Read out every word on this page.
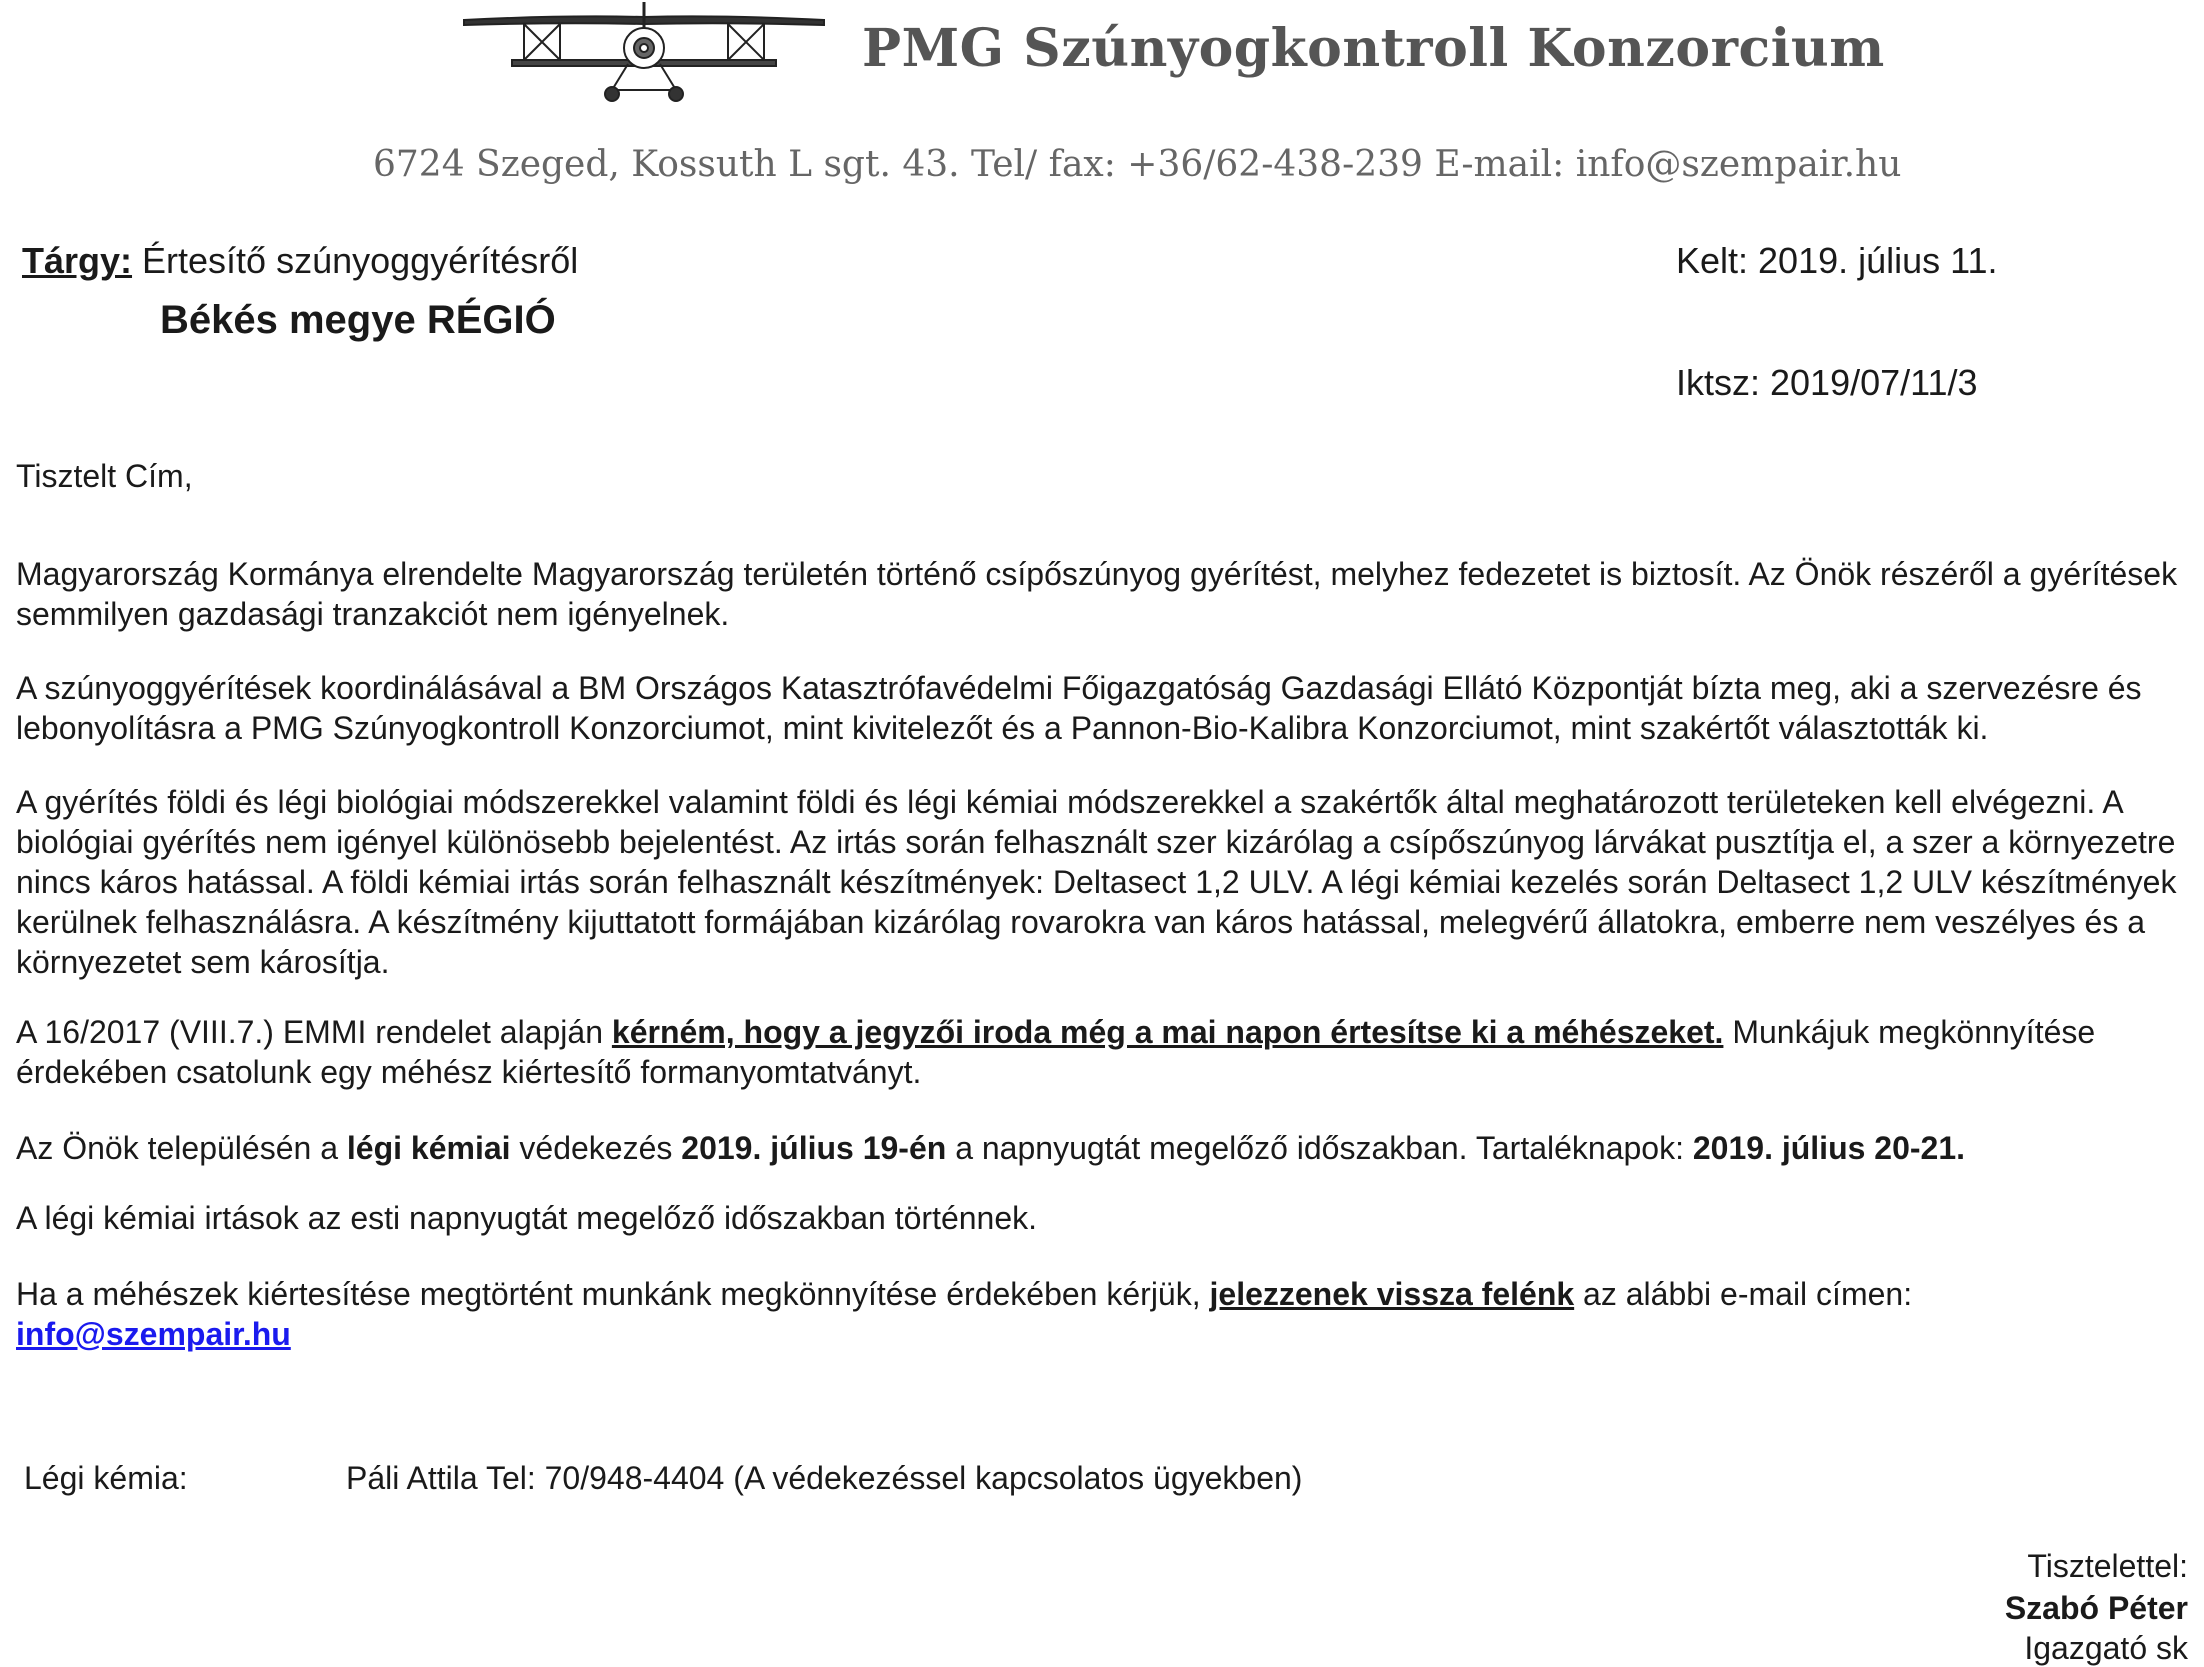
PMG Szúnyogkontroll Konzorcium
6724 Szeged, Kossuth L sgt. 43. Tel/ fax: +36/62-438-239 E-mail: info@szempair.hu
Tárgy: Értesítő szúnyoggyérítésről
Békés megye RÉGIÓ
Kelt: 2019. július 11.
Iktsz: 2019/07/11/3
Tisztelt Cím,
Magyarország Kormánya elrendelte Magyarország területén történő csípőszúnyog gyérítést, melyhez fedezetet is biztosít. Az Önök részéről a gyérítések semmilyen gazdasági tranzakciót nem igényelnek.
A szúnyoggyérítések koordinálásával a BM Országos Katasztrófavédelmi Főigazgatóság Gazdasági Ellátó Központját bízta meg, aki a szervezésre és lebonyolításra a PMG Szúnyogkontroll Konzorciumot, mint kivitelezőt és a Pannon-Bio-Kalibra Konzorciumot, mint szakértőt választották ki.
A gyérítés földi és légi biológiai módszerekkel valamint földi és légi kémiai módszerekkel a szakértők által meghatározott területeken kell elvégezni. A biológiai gyérítés nem igényel különösebb bejelentést. Az irtás során felhasznált szer kizárólag a csípőszúnyog lárvákat pusztítja el, a szer a környezetre nincs káros hatással. A földi kémiai irtás során felhasznált készítmények: Deltasect 1,2 ULV. A légi kémiai kezelés során Deltasect 1,2 ULV készítmények kerülnek felhasználásra. A készítmény kijuttatott formájában kizárólag rovarokra van káros hatással, melegvérű állatokra, emberre nem veszélyes és a környezetet sem károsítja.
A 16/2017 (VIII.7.) EMMI rendelet alapján kérném, hogy a jegyzői iroda még a mai napon értesítse ki a méhészeket. Munkájuk megkönnyítése érdekében csatolunk egy méhész kiértesítő formanyomtatványt.
Az Önök településén a légi kémiai védekezés 2019. július 19-én a napnyugtát megelőző időszakban. Tartaléknapok: 2019. július 20-21.
A légi kémiai irtások az esti napnyugtát megelőző időszakban történnek.
Ha a méhészek kiértesítése megtörtént munkánk megkönnyítése érdekében kérjük, jelezzenek vissza felénk az alábbi e-mail címen:
info@szempair.hu
Légi kémia:	Páli Attila Tel: 70/948-4404 (A védekezéssel kapcsolatos ügyekben)
Tisztelettel:
Szabó Péter
Igazgató sk
